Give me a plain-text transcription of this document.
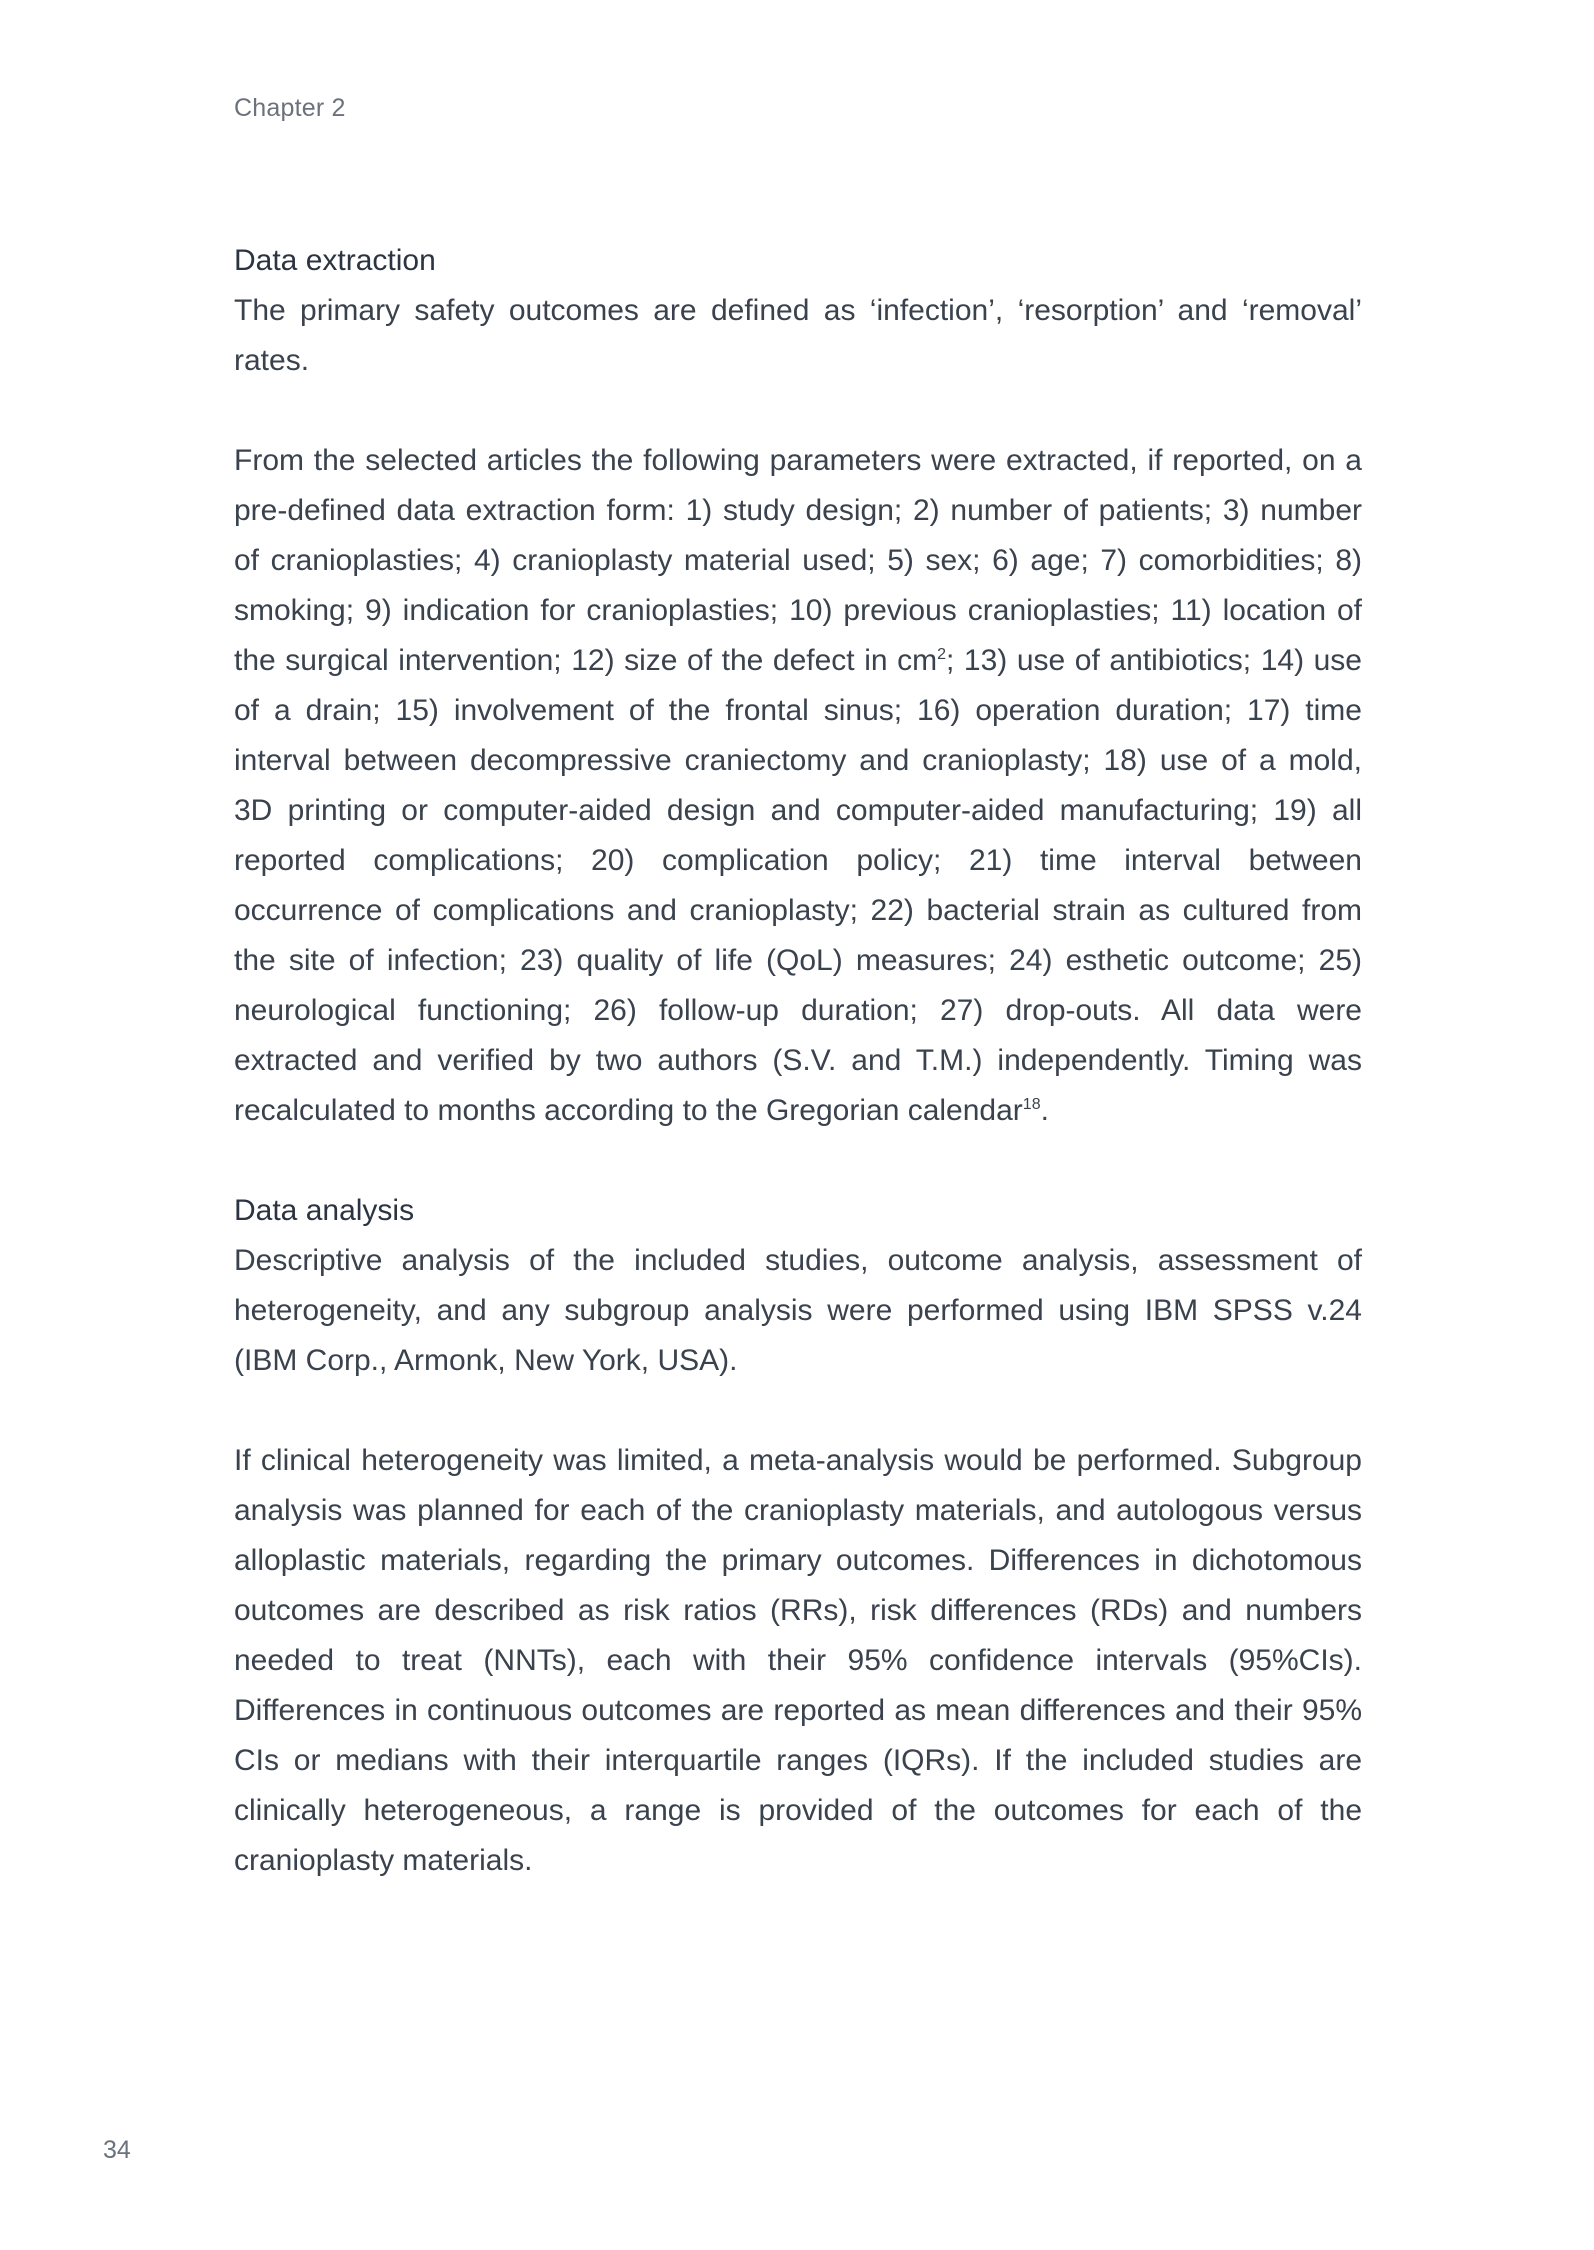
Chapter 2
Data extraction

The primary safety outcomes are defined as ‘infection’, ‘resorption’ and ‘removal’ rates.

From the selected articles the following parameters were extracted, if reported, on a pre-defined data extraction form: 1) study design; 2) number of patients; 3) number of cranioplasties; 4) cranioplasty material used; 5) sex; 6) age; 7) comorbidities; 8) smoking; 9) indication for cranioplasties; 10) previous cranioplasties; 11) location of the surgical intervention; 12) size of the defect in $cm^2$; 13) use of antibiotics; 14) use of a drain; 15) involvement of the frontal sinus; 16) operation duration; 17) time interval between decompressive craniectomy and cranioplasty; 18) use of a mold, 3D printing or computer-aided design and computer-aided manufacturing; 19) all reported complications; 20) complication policy; 21) time interval between occurrence of complications and cranioplasty; 22) bacterial strain as cultured from the site of infection; 23) quality of life (QoL) measures; 24) esthetic outcome; 25) neurological functioning; 26) follow-up duration; 27) drop-outs. All data were extracted and verified by two authors (S.V. and T.M.) independently. Timing was recalculated to months according to the Gregorian calendar$^{18}$.

Data analysis

Descriptive analysis of the included studies, outcome analysis, assessment of heterogeneity, and any subgroup analysis were performed using IBM SPSS v.24 (IBM Corp., Armonk, New York, USA).

If clinical heterogeneity was limited, a meta-analysis would be performed. Subgroup analysis was planned for each of the cranioplasty materials, and autologous versus alloplastic materials, regarding the primary outcomes. Differences in dichotomous outcomes are described as risk ratios (RRs), risk differences (RDs) and numbers needed to treat (NNTs), each with their 95% confidence intervals (95%CIs). Differences in continuous outcomes are reported as mean differences and their 95% CIs or medians with their interquartile ranges (IQRs). If the included studies are clinically heterogeneous, a range is provided of the outcomes for each of the cranioplasty materials.

34
